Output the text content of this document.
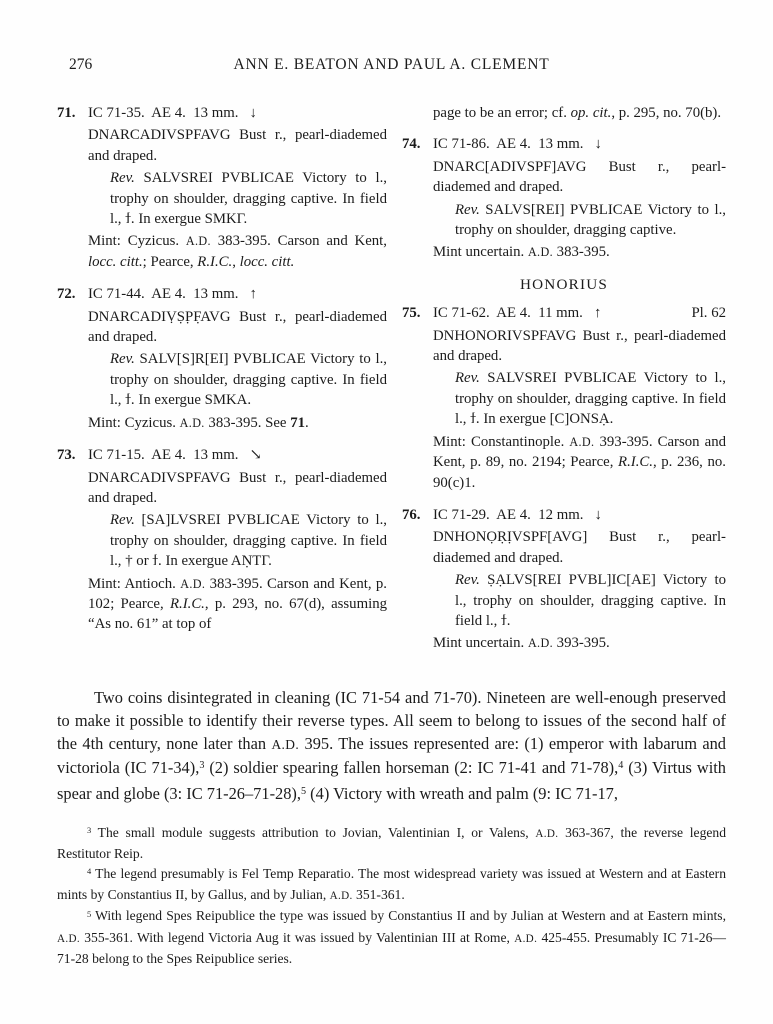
276	ANN E. BEATON AND PAUL A. CLEMENT
71. IC 71-35.  AE 4.  13 mm.   ↓

DNARCADIVSPFAVG Bust r., pearl-diademed and draped.

Rev. SALVSREI PVBLICAE Victory to l., trophy on shoulder, dragging captive. In field l., ϯ. In exergue SMKΓ.

Mint: Cyzicus. A.D. 383-395. Carson and Kent, locc. citt.; Pearce, R.I.C., locc. citt.

72. IC 71-44.  AE 4.  13 mm.   ↑

DNARCADIṾṢP̣F̣AVG Bust r., pearl-diademed and draped.

Rev. SALV[S]R[EI] PVBLICAE Victory to l., trophy on shoulder, dragging captive. In field l., ϯ. In exergue SMKA.

Mint: Cyzicus. A.D. 383-395. See 71.

73. IC 71-15.  AE 4.  13 mm.   ↘

DNARCADIVSPFAVG Bust r., pearl-diademed and draped.

Rev. [SA]LVSREI PVBLICAE Victory to l., trophy on shoulder, dragging captive. In field l., † or ϯ. In exergue AṆTΓ.

Mint: Antioch. A.D. 383-395. Carson and Kent, p. 102; Pearce, R.I.C., p. 293, no. 67(d), assuming “As no. 61” at top of

page to be an error; cf. op. cit., p. 295, no. 70(b).

74. IC 71-86.  AE 4.  13 mm.   ↓

DNARC[ADIVSPF]AVG Bust r., pearl-diademed and draped.

Rev. SALVS[REI] PVBLICAE Victory to l., trophy on shoulder, dragging captive.

Mint uncertain. A.D. 383-395.

HONORIUS
75. IC 71-62.  AE 4.  11 mm.   ↑	Pl. 62

DNHONORIVSPFAVG Bust r., pearl-diademed and draped.

Rev. SALVSREI PVBLICAE Victory to l., trophy on shoulder, dragging captive. In field l., ϯ. In exergue [C]ONSẠ.

Mint: Constantinople. A.D. 393-395. Carson and Kent, p. 89, no. 2194; Pearce, R.I.C., p. 236, no. 90(c)1.

76. IC 71-29.  AE 4.  12 mm.   ↓

DNHONỌṚỊVSPF[AVG] Bust r., pearl-diademed and draped.

Rev. ṢẠLVS[REI PVBL]IC[AE] Victory to l., trophy on shoulder, dragging captive. In field l., ϯ.

Mint uncertain. A.D. 393-395.

Two coins disintegrated in cleaning (IC 71-54 and 71-70). Nineteen are well-enough preserved to make it possible to identify their reverse types. All seem to belong to issues of the second half of the 4th century, none later than A.D. 395. The issues represented are: (1) emperor with labarum and victoriola (IC 71-34),$^3$ (2) soldier spearing fallen horseman (2: IC 71-41 and 71-78),$^4$ (3) Virtus with spear and globe (3: IC 71-26–71-28),$^5$ (4) Victory with wreath and palm (9: IC 71-17,

$^3$ The small module suggests attribution to Jovian, Valentinian I, or Valens, A.D. 363-367, the reverse legend Restitutor Reip.

$^4$ The legend presumably is Fel Temp Reparatio. The most widespread variety was issued at Western and at Eastern mints by Constantius II, by Gallus, and by Julian, A.D. 351-361.

$^5$ With legend Spes Reipublice the type was issued by Constantius II and by Julian at Western and at Eastern mints, A.D. 355-361. With legend Victoria Aug it was issued by Valentinian III at Rome, A.D. 425-455. Presumably IC 71-26—71-28 belong to the Spes Reipublice series.
